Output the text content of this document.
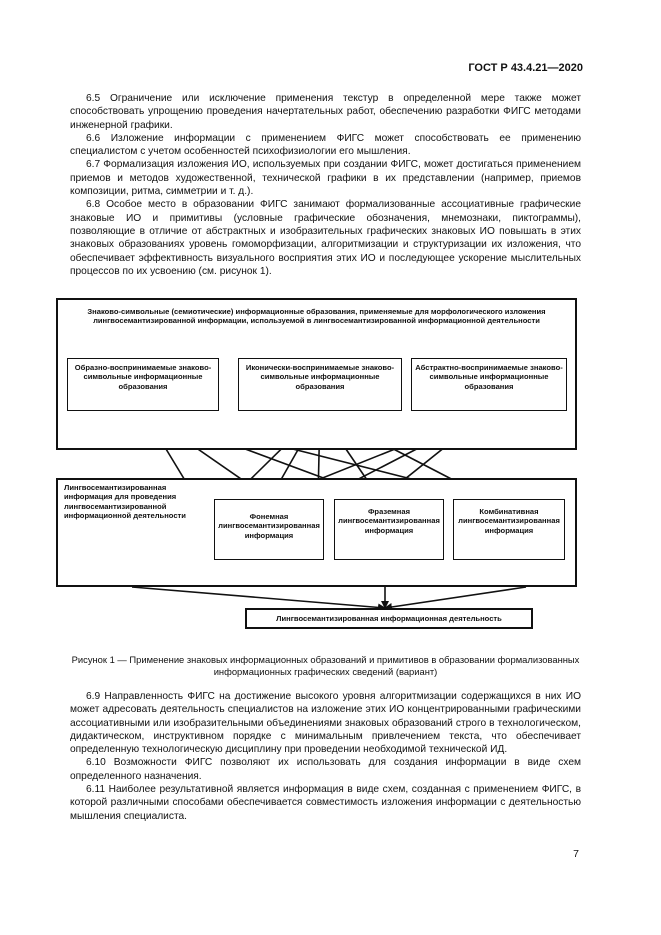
ГОСТ Р 43.4.21—2020

6.5 Ограничение или исключение применения текстур в определенной мере также может способствовать упрощению проведения начертательных работ, обеспечению разработки ФИГС методами инженерной графики.

6.6 Изложение информации с применением ФИГС может способствовать ее применению специалистом с учетом особенностей психофизиологии его мышления.

6.7 Формализация изложения ИО, используемых при создании ФИГС, может достигаться применением приемов и методов художественной, технической графики в их представлении (например, приемов композиции, ритма, симметрии и т. д.).

6.8 Особое место в образовании ФИГС занимают формализованные ассоциативные графические знаковые ИО и примитивы (условные графические обозначения, мнемознаки, пиктограммы), позволяющие в отличие от абстрактных и изобразительных графических знаковых ИО повышать в этих знаковых образованиях уровень гомоморфизации, алгоритмизации и структуризации их изложения, что обеспечивает эффективность визуального восприятия этих ИО и последующее ускорение мыслительных процессов по их усвоению (см. рисунок 1).

Знаково-символьные (семиотические) информационные образования, применяемые для морфологического изложения лингвосемантизированной информации, используемой в лингвосемантизированной информационной деятельности
Образно-воспринимаемые знаково-символьные информационные образования
Иконически-воспринимаемые знаково-символьные информационные образования
Абстрактно-воспринимаемые знаково-символьные информационные образования
Лингвосемантизированная информация для проведения лингвосемантизированной информационной деятельности	Фонемная лингвосемантизированная информация
Фраземная лингвосемантизированная информация
Комбинативная лингвосемантизированная информация
Лингвосемантизированная информационная деятельность
Рисунок 1 — Применение знаковых информационных образований и примитивов в образовании формализованных информационных графических сведений (вариант)

6.9 Направленность ФИГС на достижение высокого уровня алгоритмизации содержащихся в них ИО может адресовать деятельность специалистов на изложение этих ИО концентрированными графическими ассоциативными или изобразительными объединениями знаковых образований строго в технологическом, дидактическом, инструктивном порядке с минимальным привлечением текста, что обеспечивает определенную технологическую дисциплину при проведении необходимой технической ИД.

6.10 Возможности ФИГС позволяют их использовать для создания информации в виде схем определенного назначения.

6.11 Наиболее результативной является информация в виде схем, созданная с применением ФИГС, в которой различными способами обеспечивается совместимость изложения информации с деятельностью мышления специалиста.

7
